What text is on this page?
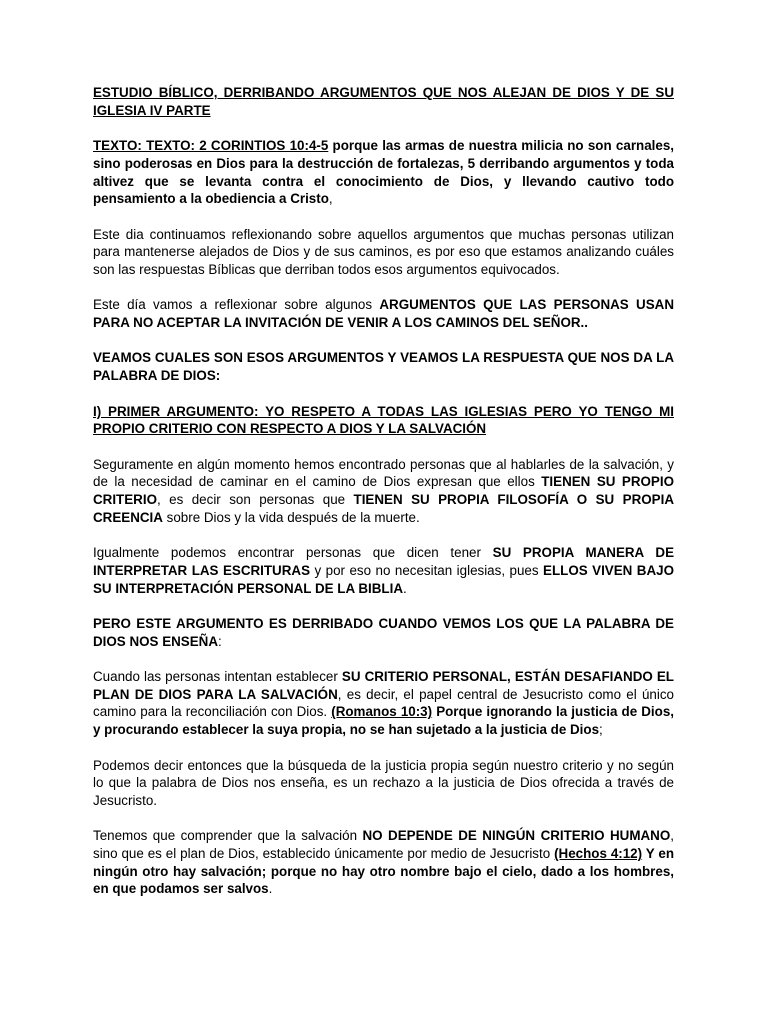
ESTUDIO BÍBLICO, DERRIBANDO ARGUMENTOS QUE NOS ALEJAN DE DIOS Y DE SU IGLESIA IV PARTE

TEXTO: TEXTO: 2 CORINTIOS 10:4-5 porque las armas de nuestra milicia no son carnales, sino poderosas en Dios para la destrucción de fortalezas, 5 derribando argumentos y toda altivez que se levanta contra el conocimiento de Dios, y llevando cautivo todo pensamiento a la obediencia a Cristo,

Este dia continuamos reflexionando sobre aquellos argumentos que muchas personas utilizan para mantenerse alejados de Dios y de sus caminos, es por eso que estamos analizando cuáles son las respuestas Bíblicas que derriban todos esos argumentos equivocados.

Este día vamos a reflexionar sobre algunos ARGUMENTOS QUE LAS PERSONAS USAN PARA NO ACEPTAR LA INVITACIÓN DE VENIR A LOS CAMINOS DEL SEÑOR..

VEAMOS CUALES SON ESOS ARGUMENTOS Y VEAMOS LA RESPUESTA QUE NOS DA LA PALABRA DE DIOS:

I) PRIMER ARGUMENTO: YO RESPETO A TODAS LAS IGLESIAS PERO YO TENGO MI PROPIO CRITERIO CON RESPECTO A DIOS Y LA SALVACIÓN

Seguramente en algún momento hemos encontrado personas que al hablarles de la salvación, y de la necesidad de caminar en el camino de Dios expresan que ellos TIENEN SU PROPIO CRITERIO, es decir son personas que TIENEN SU PROPIA FILOSOFÍA O SU PROPIA CREENCIA sobre Dios y la vida después de la muerte.

Igualmente podemos encontrar personas que dicen tener SU PROPIA MANERA DE INTERPRETAR LAS ESCRITURAS y por eso no necesitan iglesias, pues ELLOS VIVEN BAJO SU INTERPRETACIÓN PERSONAL DE LA BIBLIA.

PERO ESTE ARGUMENTO ES DERRIBADO CUANDO VEMOS LOS QUE LA PALABRA DE DIOS NOS ENSEÑA:

Cuando las personas intentan establecer SU CRITERIO PERSONAL, ESTÁN DESAFIANDO EL PLAN DE DIOS PARA LA SALVACIÓN, es decir, el papel central de Jesucristo como el único camino para la reconciliación con Dios. (Romanos 10:3) Porque ignorando la justicia de Dios, y procurando establecer la suya propia, no se han sujetado a la justicia de Dios;

Podemos decir entonces que la búsqueda de la justicia propia según nuestro criterio y no según lo que la palabra de Dios nos enseña, es un rechazo a la justicia de Dios ofrecida a través de Jesucristo.

Tenemos que comprender que la salvación NO DEPENDE DE NINGÚN CRITERIO HUMANO, sino que es el plan de Dios, establecido únicamente por medio de Jesucristo (Hechos 4:12) Y en ningún otro hay salvación; porque no hay otro nombre bajo el cielo, dado a los hombres, en que podamos ser salvos.
